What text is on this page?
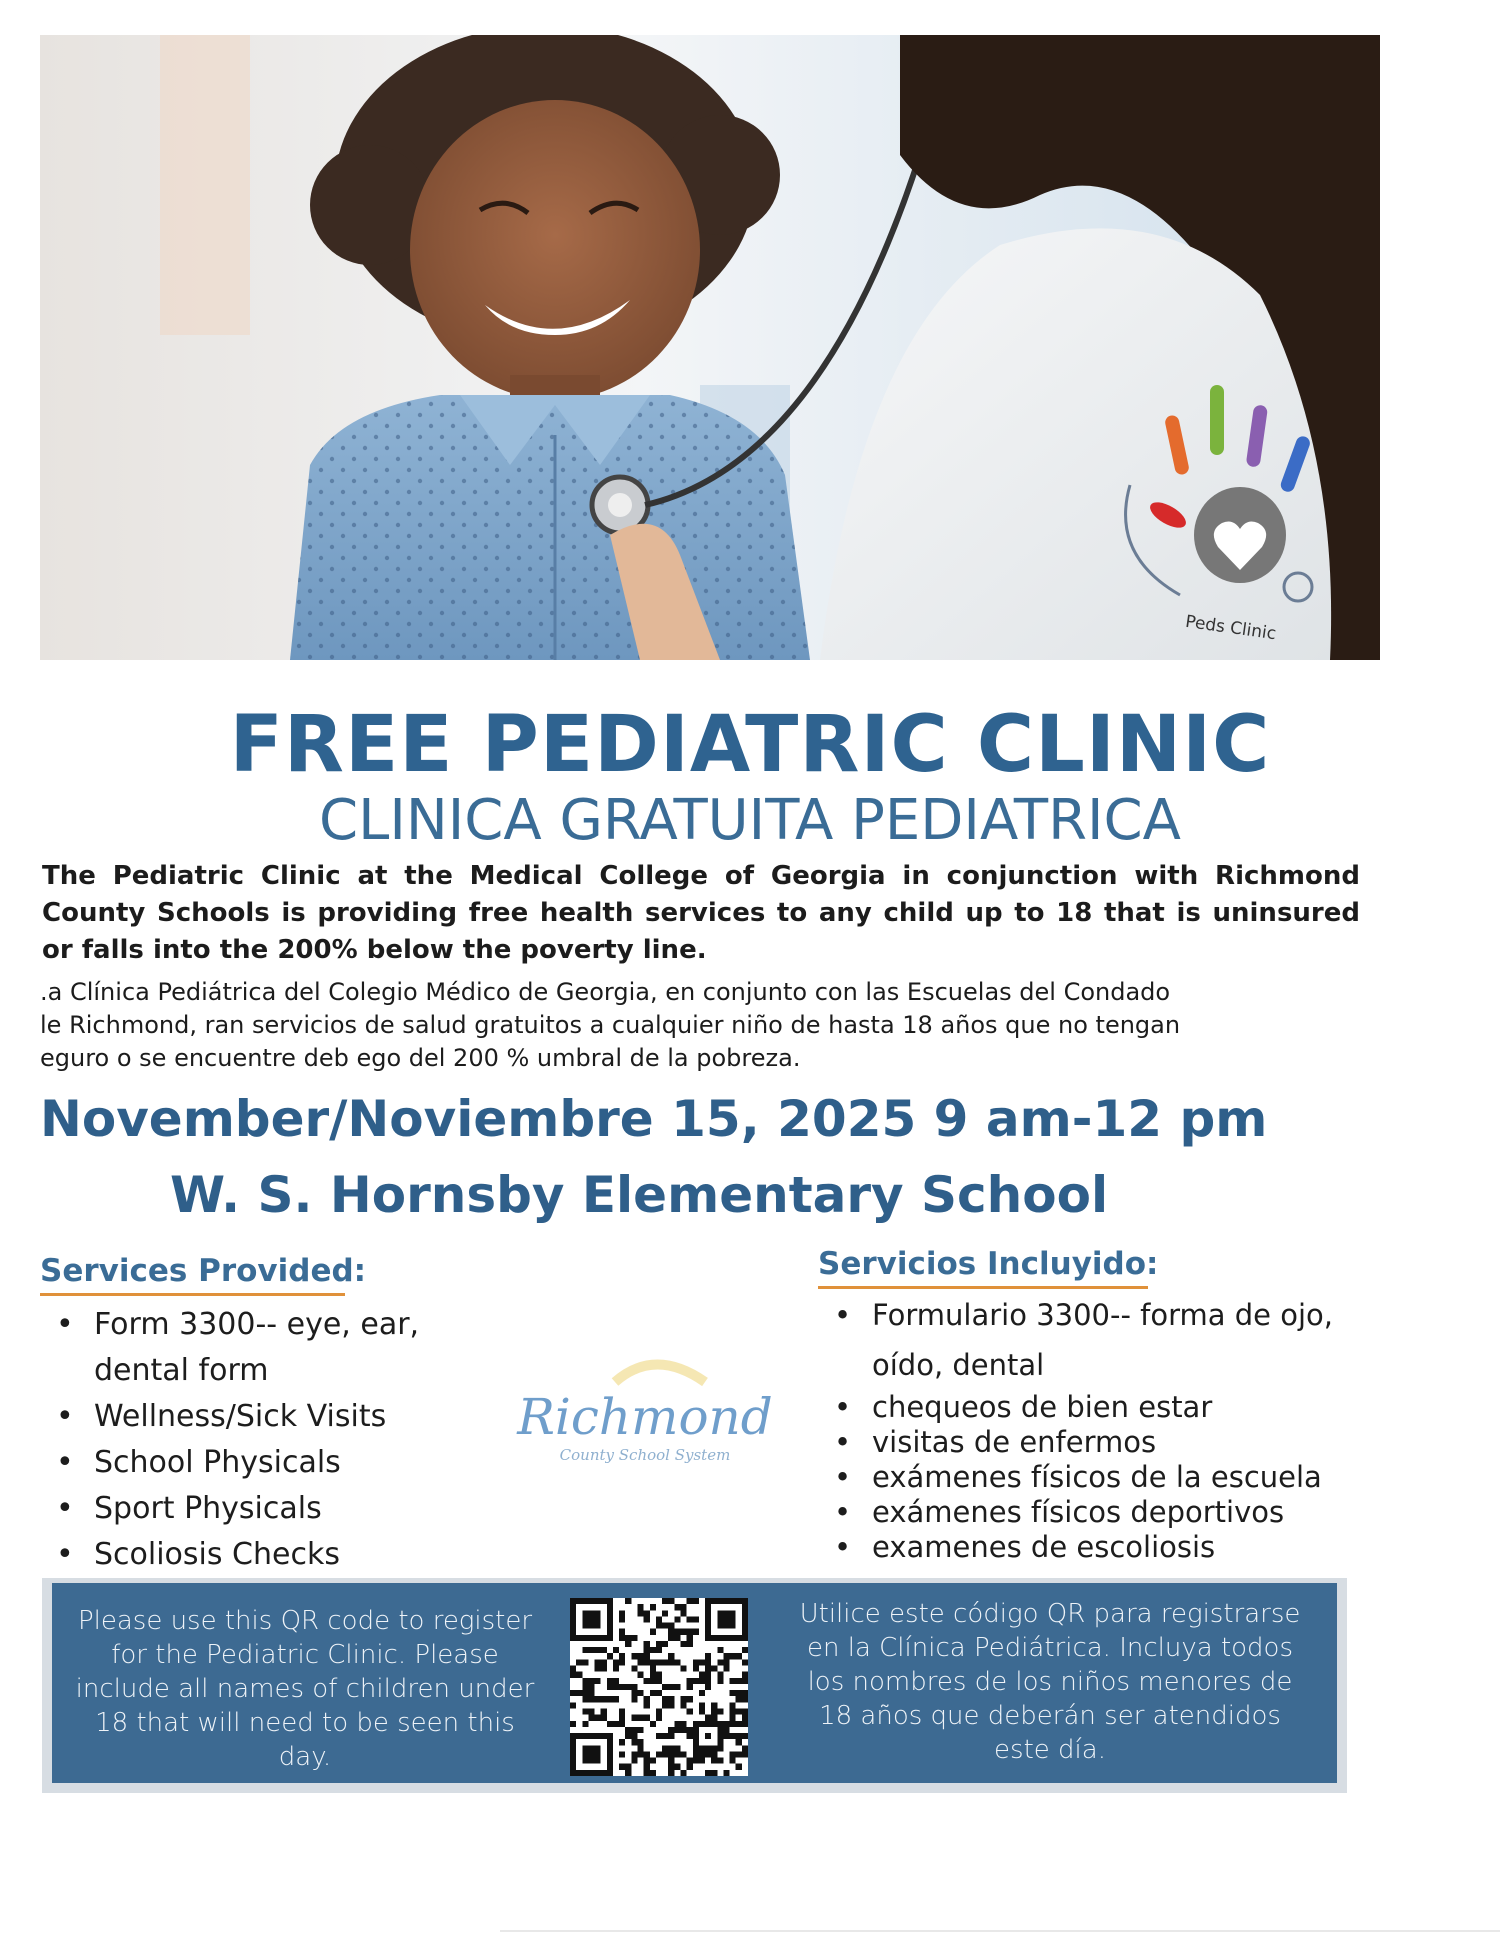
ALAS
Peds Clinic
FREE PEDIATRIC CLINIC
CLINICA GRATUITA PEDIATRICA
The Pediatric Clinic at the Medical College of Georgia in conjunction with Richmond County Schools is providing free health services to any child up to 18 that is uninsured or falls into the 200% below the poverty line.
.a Clínica Pediátrica del Colegio Médico de Georgia, en conjunto con las Escuelas del Condado
le Richmond, ran servicios de salud gratuitos a cualquier niño de hasta 18 años que no tengan
eguro o se encuentre deb ego del 200 % umbral de la pobreza.
November/Noviembre 15, 2025 9 am-12 pm
W. S. Hornsby Elementary School
Services Provided:
• Form 3300-- eye, ear, dental form
• Wellness/Sick Visits
• School Physicals
• Sport Physicals
• Scoliosis Checks
Richmond
County School System
Servicios Incluyido:
• Formulario 3300-- forma de ojo, oído, dental
• chequeos de bien estar
• visitas de enfermos
• exámenes físicos de la escuela
• exámenes físicos deportivos
• examenes de escoliosis
Please use this QR code to register for the Pediatric Clinic. Please include all names of children under 18 that will need to be seen this day.
Utilice este código QR para registrarse en la Clínica Pediátrica. Incluya todos los nombres de los niños menores de 18 años que deberán ser atendidos este día.
